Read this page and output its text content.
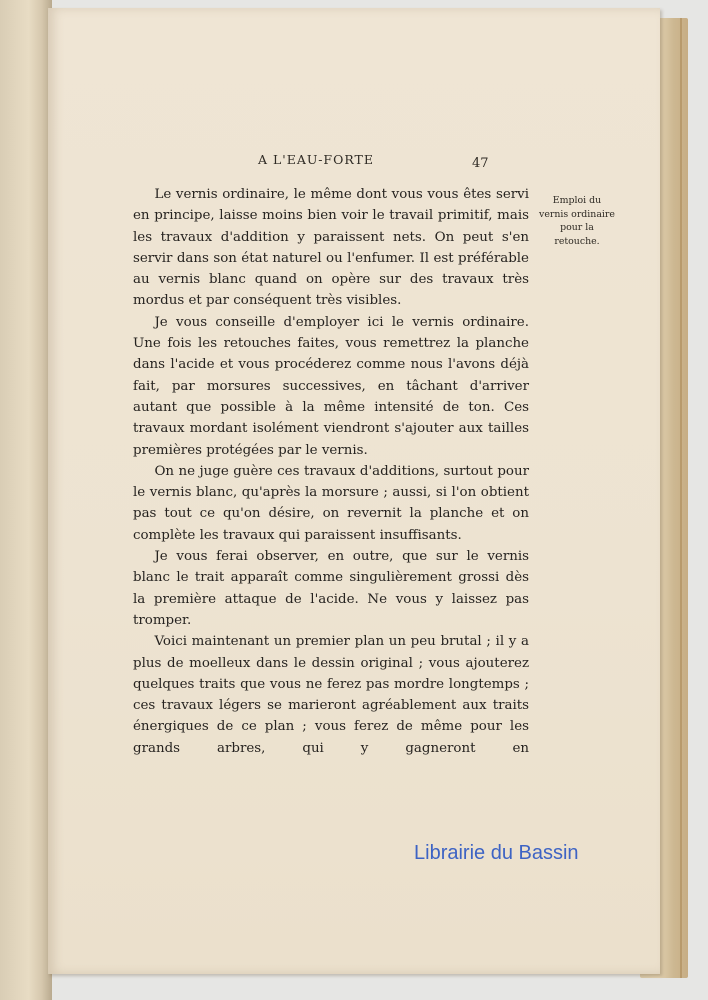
A L'EAU-FORTE	47

Le vernis ordinaire, le même dont vous vous êtes servi en principe, laisse moins bien voir le travail primitif, mais les travaux d'addition y paraissent nets. On peut s'en servir dans son état naturel ou l'enfumer. Il est préférable au vernis blanc quand on opère sur des travaux très mordus et par conséquent très visibles.

Je vous conseille d'employer ici le vernis ordinaire. Une fois les retouches faites, vous remettrez la planche dans l'acide et vous procéderez comme nous l'avons déjà fait, par morsures successives, en tâchant d'arriver autant que possible à la même intensité de ton. Ces travaux mordant isolément viendront s'ajouter aux tailles premières protégées par le vernis.

On ne juge guère ces travaux d'additions, surtout pour le vernis blanc, qu'après la morsure ; aussi, si l'on obtient pas tout ce qu'on désire, on revernit la planche et on complète les travaux qui paraissent insuffisants.

Je vous ferai observer, en outre, que sur le vernis blanc le trait apparaît comme singulièrement grossi dès la première attaque de l'acide. Ne vous y laissez pas tromper.

Voici maintenant un premier plan un peu brutal ; il y a plus de moelleux dans le dessin original ; vous ajouterez quelques traits que vous ne ferez pas mordre longtemps ; ces travaux légers se marieront agréablement aux traits énergiques de ce plan ; vous ferez de même pour les grands arbres, qui y gagneront en

Emploi du vernis ordinaire pour la retouche.
Librairie du Bassin
